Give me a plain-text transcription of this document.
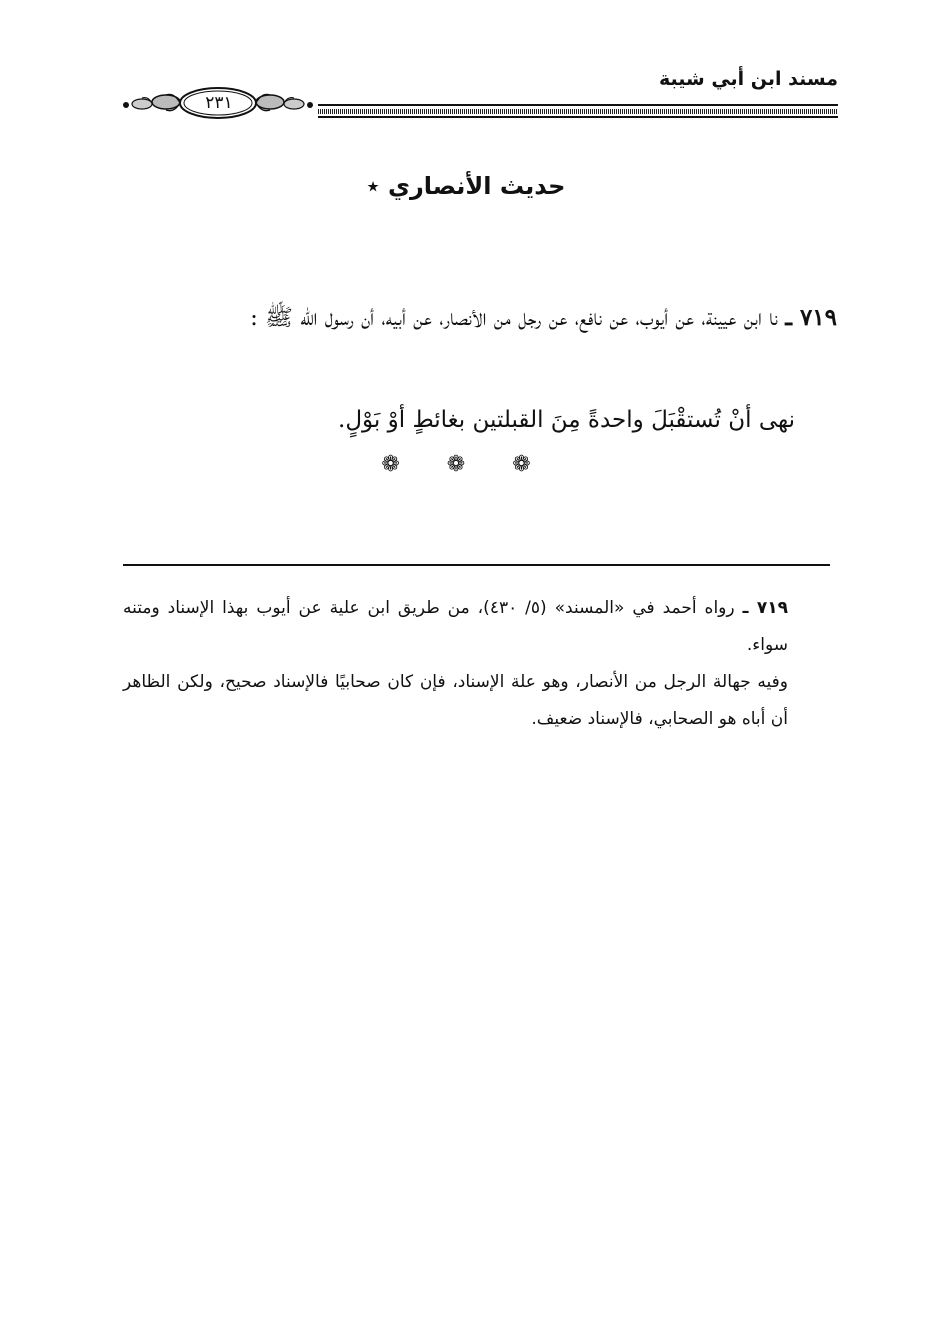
مسند ابن أبي شيبة
٢٣١
حديث الأنصاري ٭
٧١٩ ـ نا ابن عيينة، عن أيوب، عن نافع، عن رجل من الأنصار، عن أبيه، أن رسول الله ﷺ :
نهى أنْ تُستقْبَلَ واحدةً مِنَ القبلتين بغائطٍ أوْ بَوْلٍ.
❁ ❁ ❁

٧١٩ ـ رواه أحمد في «المسند» (٥/ ٤٣٠)، من طريق ابن علية عن أيوب بهذا الإسناد ومتنه سواء.

وفيه جهالة الرجل من الأنصار، وهو علة الإسناد، فإن كان صحابيًا فالإسناد صحيح، ولكن الظاهر أن أباه هو الصحابي، فالإسناد ضعيف.
